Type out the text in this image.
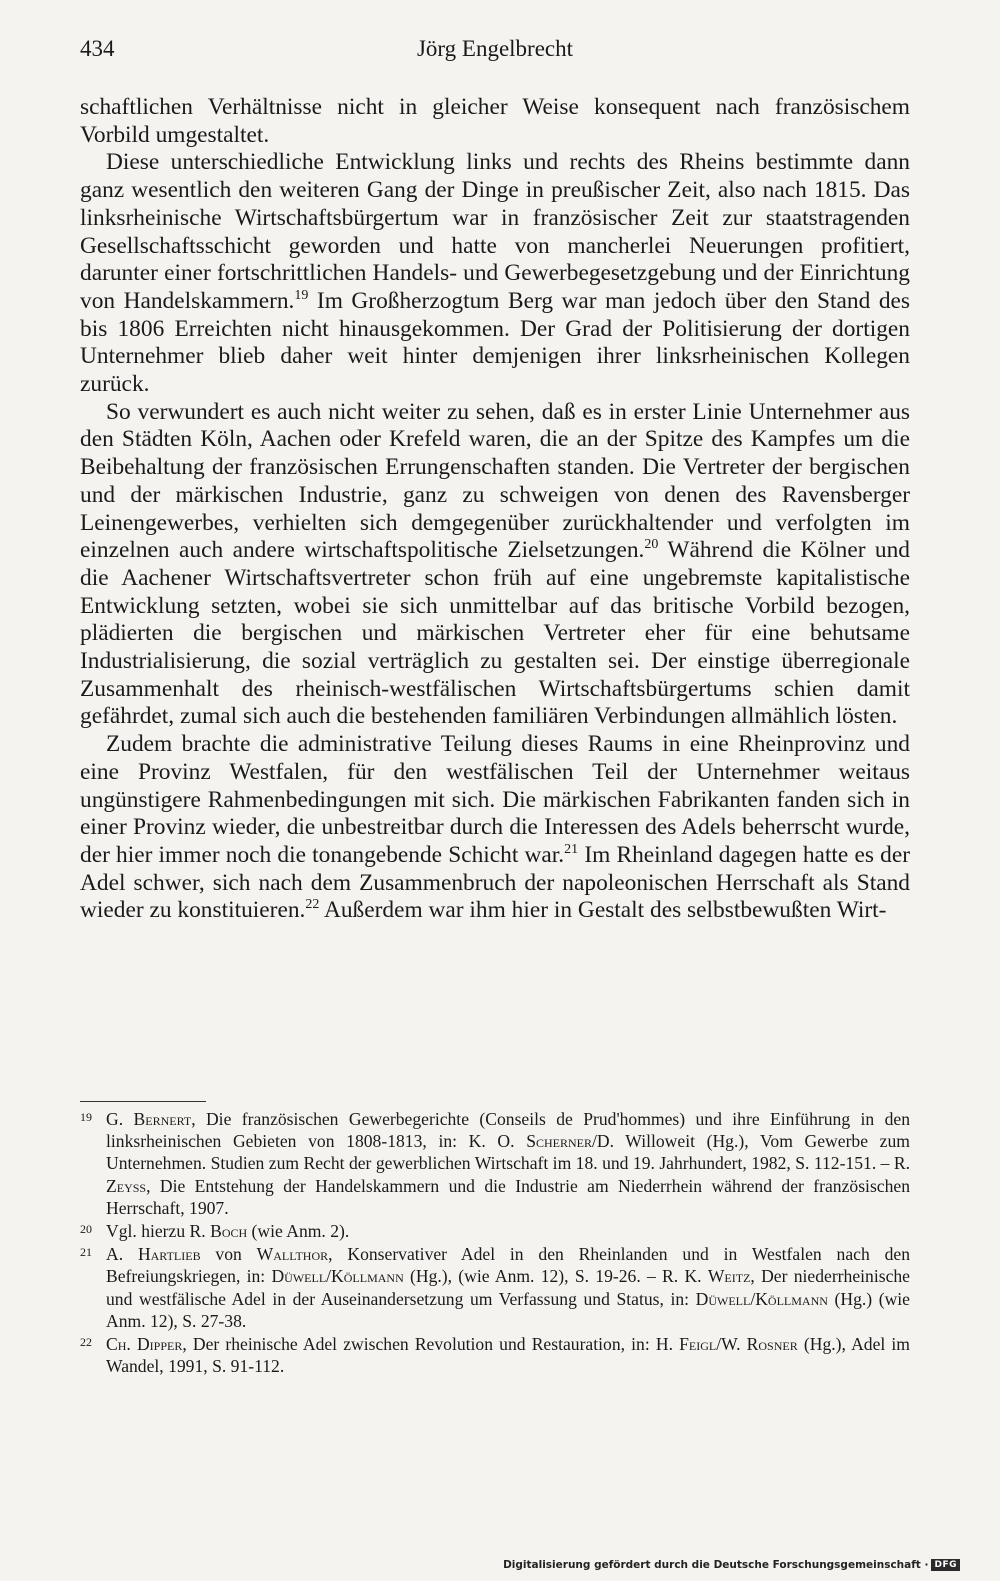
434	Jörg Engelbrecht

schaftlichen Verhältnisse nicht in gleicher Weise konsequent nach französischem Vorbild umgestaltet.

Diese unterschiedliche Entwicklung links und rechts des Rheins bestimmte dann ganz wesentlich den weiteren Gang der Dinge in preußischer Zeit, also nach 1815. Das linksrheinische Wirtschaftsbürgertum war in französischer Zeit zur staatstragenden Gesellschaftsschicht geworden und hatte von mancherlei Neuerungen profitiert, darunter einer fortschrittlichen Handels- und Gewerbegesetzgebung und der Einrichtung von Handelskammern.$^{19}$ Im Großherzogtum Berg war man jedoch über den Stand des bis 1806 Erreichten nicht hinausgekommen. Der Grad der Politisierung der dortigen Unternehmer blieb daher weit hinter demjenigen ihrer linksrheinischen Kollegen zurück.

So verwundert es auch nicht weiter zu sehen, daß es in erster Linie Unternehmer aus den Städten Köln, Aachen oder Krefeld waren, die an der Spitze des Kampfes um die Beibehaltung der französischen Errungenschaften standen. Die Vertreter der bergischen und der märkischen Industrie, ganz zu schweigen von denen des Ravensberger Leinengewerbes, verhielten sich demgegenüber zurückhaltender und verfolgten im einzelnen auch andere wirtschaftspolitische Zielsetzungen.$^{20}$ Während die Kölner und die Aachener Wirtschaftsvertreter schon früh auf eine ungebremste kapitalistische Entwicklung setzten, wobei sie sich unmittelbar auf das britische Vorbild bezogen, plädierten die bergischen und märkischen Vertreter eher für eine behutsame Industrialisierung, die sozial verträglich zu gestalten sei. Der einstige überregionale Zusammenhalt des rheinisch-westfälischen Wirtschaftsbürgertums schien damit gefährdet, zumal sich auch die bestehenden familiären Verbindungen allmählich lösten.

Zudem brachte die administrative Teilung dieses Raums in eine Rheinprovinz und eine Provinz Westfalen, für den westfälischen Teil der Unternehmer weitaus ungünstigere Rahmenbedingungen mit sich. Die märkischen Fabrikanten fanden sich in einer Provinz wieder, die unbestreitbar durch die Interessen des Adels beherrscht wurde, der hier immer noch die tonangebende Schicht war.$^{21}$ Im Rheinland dagegen hatte es der Adel schwer, sich nach dem Zusammenbruch der napoleonischen Herrschaft als Stand wieder zu konstituieren.$^{22}$ Außerdem war ihm hier in Gestalt des selbstbewußten Wirt-

19 G. Bernert, Die französischen Gewerbegerichte (Conseils de Prud'hommes) und ihre Einführung in den linksrheinischen Gebieten von 1808-1813, in: K. O. Scherner/D. Willoweit (Hg.), Vom Gewerbe zum Unternehmen. Studien zum Recht der gewerblichen Wirtschaft im 18. und 19. Jahrhundert, 1982, S. 112-151. – R. Zeyss, Die Entstehung der Handelskammern und die Industrie am Niederrhein während der französischen Herrschaft, 1907.
20 Vgl. hierzu R. Boch (wie Anm. 2).
21 A. Hartlieb von Wallthor, Konservativer Adel in den Rheinlanden und in Westfalen nach den Befreiungskriegen, in: Düwell/Köllmann (Hg.), (wie Anm. 12), S. 19-26. – R. K. Weitz, Der niederrheinische und westfälische Adel in der Auseinandersetzung um Verfassung und Status, in: Düwell/Köllmann (Hg.) (wie Anm. 12), S. 27-38.
22 Ch. Dipper, Der rheinische Adel zwischen Revolution und Restauration, in: H. Feigl/W. Rosner (Hg.), Adel im Wandel, 1991, S. 91-112.
Digitalisierung gefördert durch die Deutsche Forschungsgemeinschaft · DFG
